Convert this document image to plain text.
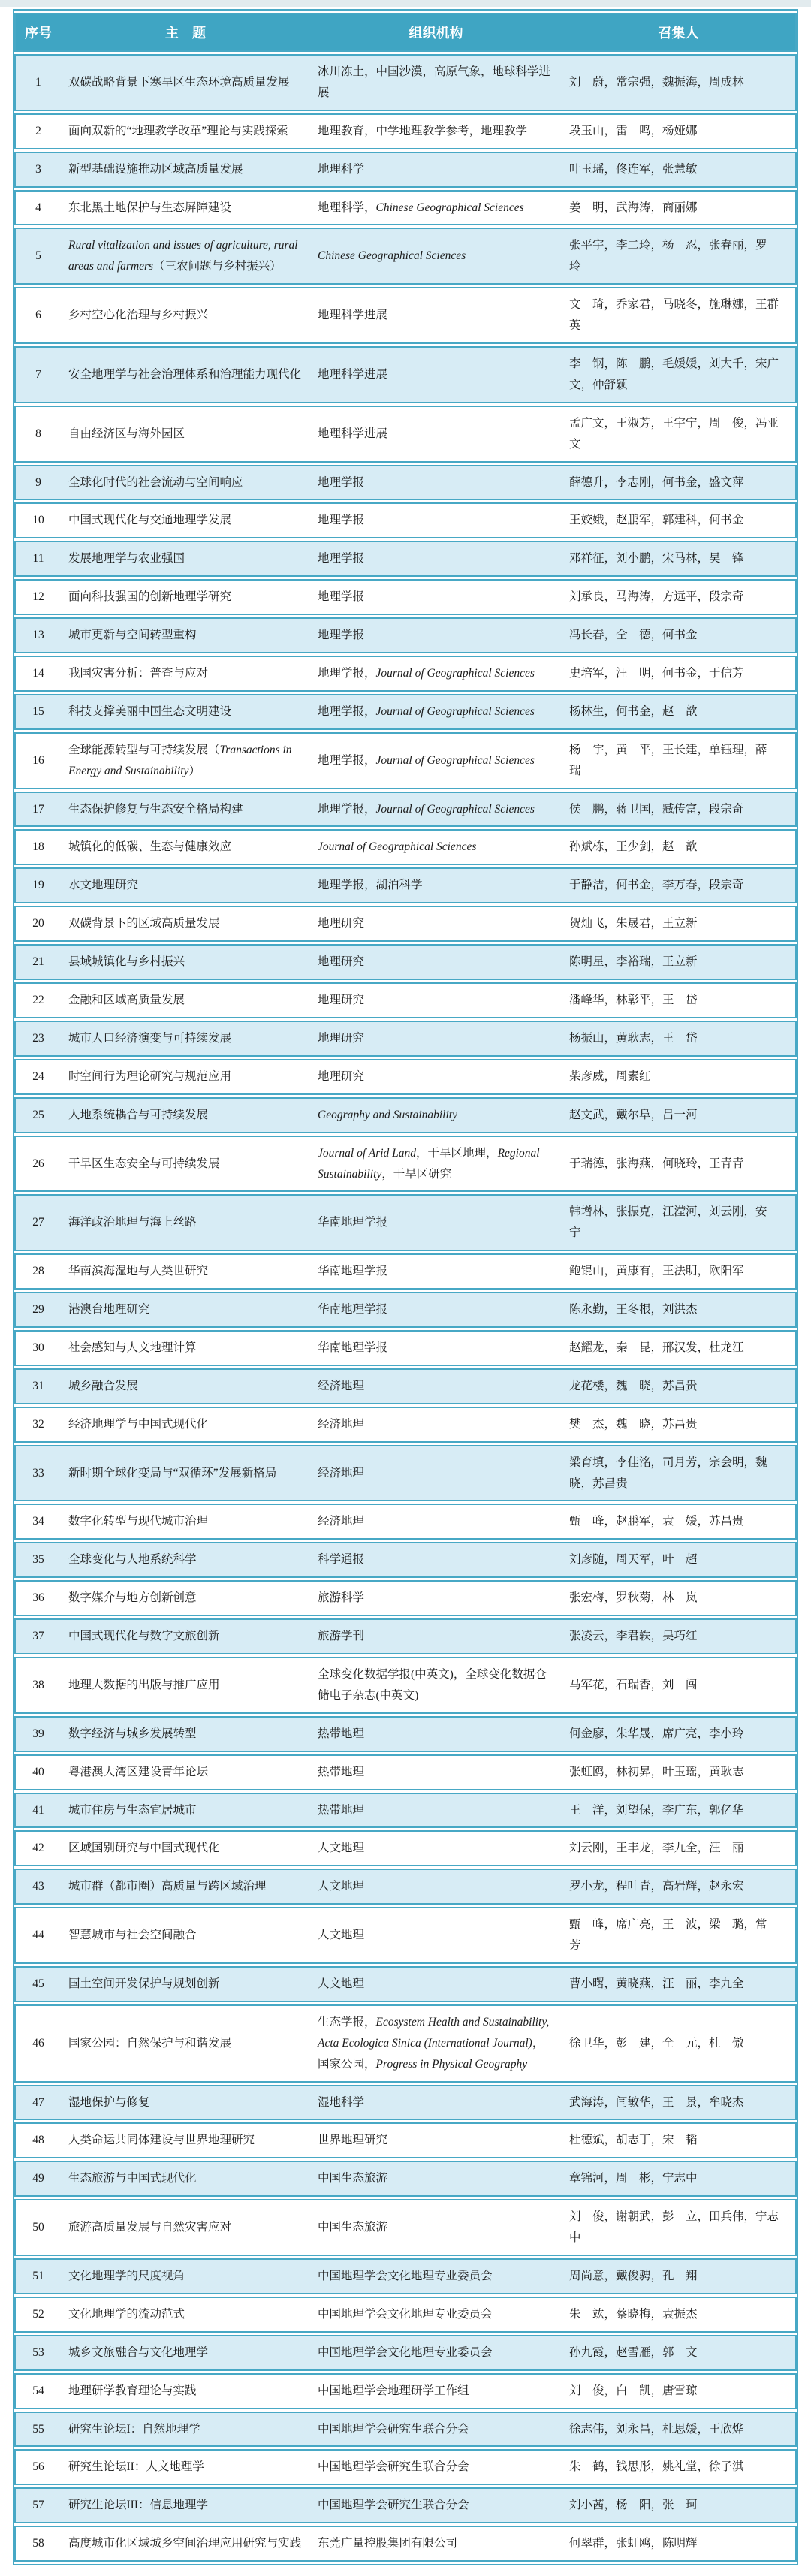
序号	主　题	组织机构	召集人
1	双碳战略背景下寒旱区生态环境高质量发展	冰川冻土，中国沙漠，高原气象，地球科学进展	刘　蔚，常宗强，魏振海，周成林
2	面向双新的“地理教学改革”理论与实践探索	地理教育，中学地理教学参考，地理教学	段玉山，雷　鸣，杨娅娜
3	新型基础设施推动区域高质量发展	地理科学	叶玉瑶，佟连军，张慧敏
4	东北黑土地保护与生态屏障建设	地理科学，Chinese Geographical Sciences	姜　明，武海涛，商丽娜
5	Rural vitalization and issues of agriculture, rural areas and farmers（三农问题与乡村振兴）	Chinese Geographical Sciences	张平宇，李二玲，杨　忍，张春丽，罗　玲
6	乡村空心化治理与乡村振兴	地理科学进展	文　琦，乔家君，马晓冬，施琳娜，王群英
7	安全地理学与社会治理体系和治理能力现代化	地理科学进展	李　钢，陈　鹏，毛媛媛，刘大千，宋广文，仲舒颖
8	自由经济区与海外园区	地理科学进展	孟广文，王淑芳，王宇宁，周　俊，冯亚文
9	全球化时代的社会流动与空间响应	地理学报	薛德升，李志刚，何书金，盛文萍
10	中国式现代化与交通地理学发展	地理学报	王姣娥，赵鹏军，郭建科，何书金
11	发展地理学与农业强国	地理学报	邓祥征，刘小鹏，宋马林，吴　锋
12	面向科技强国的创新地理学研究	地理学报	刘承良，马海涛，方远平，段宗奇
13	城市更新与空间转型重构	地理学报	冯长春，仝　德，何书金
14	我国灾害分析：普查与应对	地理学报，Journal of Geographical Sciences	史培军，汪　明，何书金，于信芳
15	科技支撑美丽中国生态文明建设	地理学报，Journal of Geographical Sciences	杨林生，何书金，赵　歆
16	全球能源转型与可持续发展（Transactions in Energy and Sustainability）	地理学报，Journal of Geographical Sciences	杨　宇，黄　平，王长建，单钰理，薛　瑞
17	生态保护修复与生态安全格局构建	地理学报，Journal of Geographical Sciences	侯　鹏，蒋卫国，臧传富，段宗奇
18	城镇化的低碳、生态与健康效应	Journal of Geographical Sciences	孙斌栋，王少剑，赵　歆
19	水文地理研究	地理学报，湖泊科学	于静洁，何书金，李万春，段宗奇
20	双碳背景下的区域高质量发展	地理研究	贺灿飞，朱晟君，王立新
21	县域城镇化与乡村振兴	地理研究	陈明星，李裕瑞，王立新
22	金融和区域高质量发展	地理研究	潘峰华，林彰平，王　岱
23	城市人口经济演变与可持续发展	地理研究	杨振山，黄耿志，王　岱
24	时空间行为理论研究与规范应用	地理研究	柴彦威，周素红
25	人地系统耦合与可持续发展	Geography and Sustainability	赵文武，戴尔阜，吕一河
26	干旱区生态安全与可持续发展	Journal of Arid Land，干旱区地理，Regional Sustainability，干旱区研究	于瑞德，张海燕，何晓玲，王青青
27	海洋政治地理与海上丝路	华南地理学报	韩增林，张振克，江滢河，刘云刚，安　宁
28	华南滨海湿地与人类世研究	华南地理学报	鲍锟山，黄康有，王法明，欧阳军
29	港澳台地理研究	华南地理学报	陈永勤，王冬根，刘洪杰
30	社会感知与人文地理计算	华南地理学报	赵耀龙，秦　昆，邢汉发，杜龙江
31	城乡融合发展	经济地理	龙花楼，魏　晓，苏昌贵
32	经济地理学与中国式现代化	经济地理	樊　杰，魏　晓，苏昌贵
33	新时期全球化变局与“双循环”发展新格局	经济地理	梁育填，李佳洺，司月芳，宗会明，魏　晓，苏昌贵
34	数字化转型与现代城市治理	经济地理	甄　峰，赵鹏军，袁　媛，苏昌贵
35	全球变化与人地系统科学	科学通报	刘彦随，周天军，叶　超
36	数字媒介与地方创新创意	旅游科学	张宏梅，罗秋菊，林　岚
37	中国式现代化与数字文旅创新	旅游学刊	张凌云，李君轶，吴巧红
38	地理大数据的出版与推广应用	全球变化数据学报(中英文)，全球变化数据仓储电子杂志(中英文)	马军花，石瑞香，刘　闯
39	数字经济与城乡发展转型	热带地理	何金廖，朱华晟，席广亮，李小玲
40	粤港澳大湾区建设青年论坛	热带地理	张虹鸥，林初昇，叶玉瑶，黄耿志
41	城市住房与生态宜居城市	热带地理	王　洋，刘望保，李广东，郭亿华
42	区域国别研究与中国式现代化	人文地理	刘云刚，王丰龙，李九全，汪　丽
43	城市群（都市圈）高质量与跨区域治理	人文地理	罗小龙，程叶青，高岩辉，赵永宏
44	智慧城市与社会空间融合	人文地理	甄　峰，席广亮，王　波，梁　璐，常　芳
45	国土空间开发保护与规划创新	人文地理	曹小曙，黄晓燕，汪　丽，李九全
46	国家公园：自然保护与和谐发展	生态学报，Ecosystem Health and Sustainability, Acta Ecologica Sinica (International Journal)，国家公园，Progress in Physical Geography	徐卫华，彭　建，全　元，杜　傲
47	湿地保护与修复	湿地科学	武海涛，闫敏华，王　景，牟晓杰
48	人类命运共同体建设与世界地理研究	世界地理研究	杜德斌，胡志丁，宋　韬
49	生态旅游与中国式现代化	中国生态旅游	章锦河，周　彬，宁志中
50	旅游高质量发展与自然灾害应对	中国生态旅游	刘　俊，谢朝武，彭　立，田兵伟，宁志中
51	文化地理学的尺度视角	中国地理学会文化地理专业委员会	周尚意，戴俊骋，孔　翔
52	文化地理学的流动范式	中国地理学会文化地理专业委员会	朱　竑，蔡晓梅，袁振杰
53	城乡文旅融合与文化地理学	中国地理学会文化地理专业委员会	孙九霞，赵雪雁，郭　文
54	地理研学教育理论与实践	中国地理学会地理研学工作组	刘　俊，白　凯，唐雪琼
55	研究生论坛I：自然地理学	中国地理学会研究生联合分会	徐志伟，刘永昌，杜思媛，王欣烨
56	研究生论坛II：人文地理学	中国地理学会研究生联合分会	朱　鹤，钱思彤，姚礼堂，徐子淇
57	研究生论坛III：信息地理学	中国地理学会研究生联合分会	刘小茜，杨　阳，张　珂
58	高度城市化区域城乡空间治理应用研究与实践	东莞广量控股集团有限公司	何翠群，张虹鸥，陈明辉
